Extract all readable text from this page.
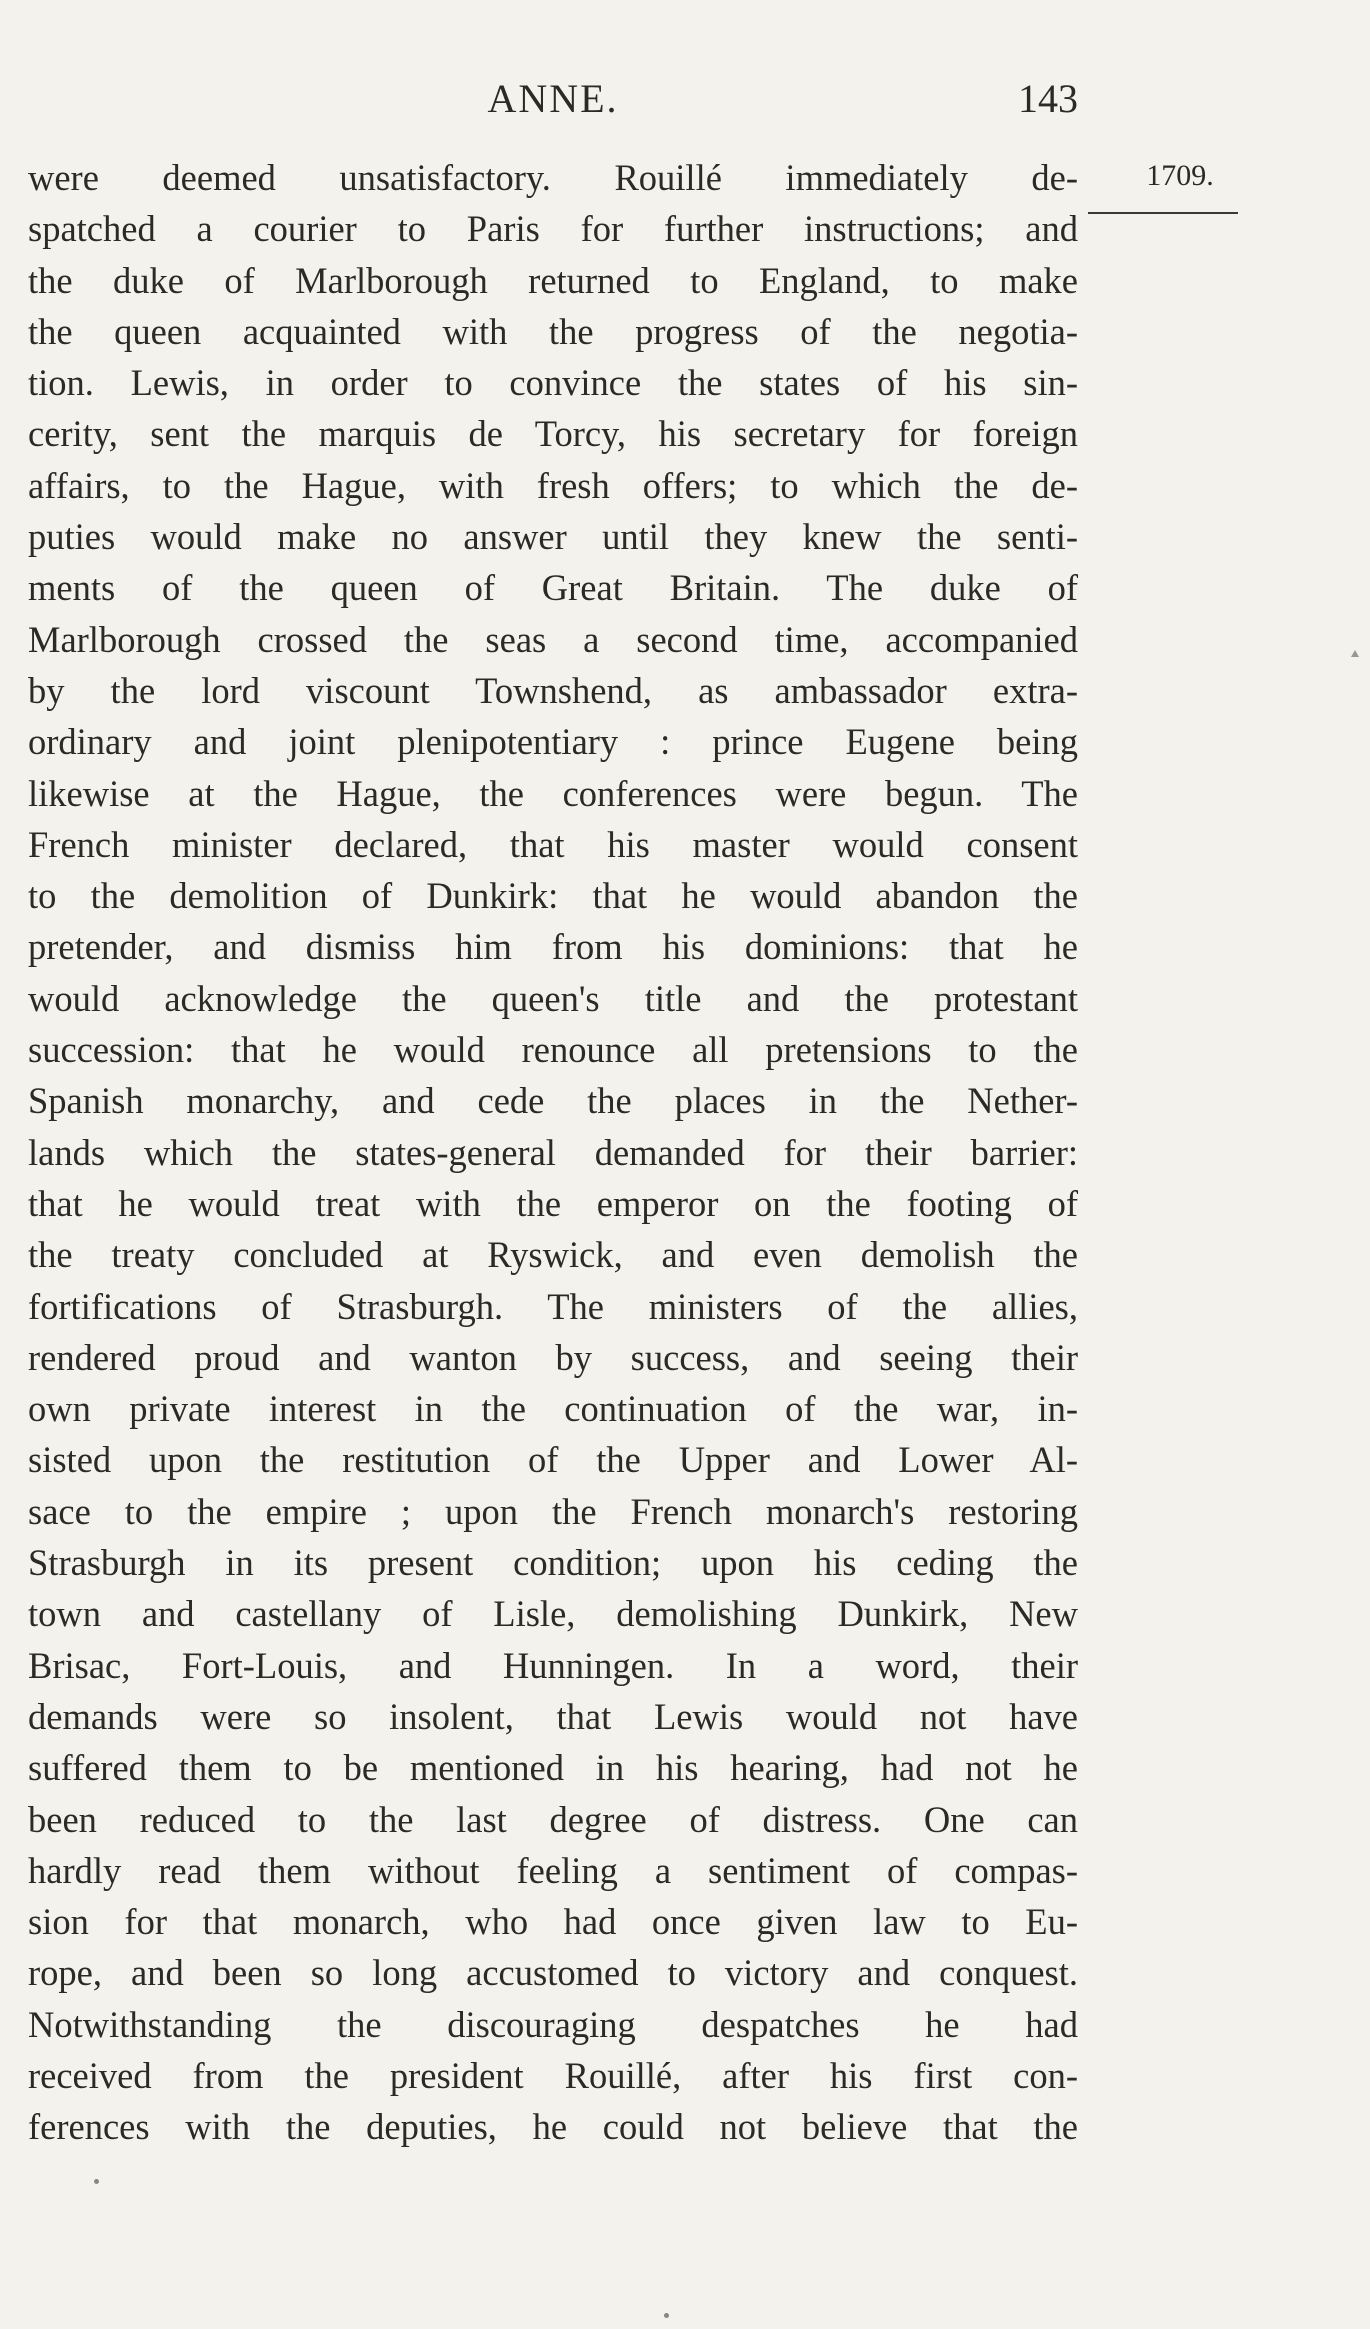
ANNE.	143
1709.
were deemed unsatisfactory. Rouillé immediately de-
spatched a courier to Paris for further instructions; and
the duke of Marlborough returned to England, to make
the queen acquainted with the progress of the negotia-
tion. Lewis, in order to convince the states of his sin-
cerity, sent the marquis de Torcy, his secretary for foreign
affairs, to the Hague, with fresh offers; to which the de-
puties would make no answer until they knew the senti-
ments of the queen of Great Britain. The duke of
Marlborough crossed the seas a second time, accompanied
by the lord viscount Townshend, as ambassador extra-
ordinary and joint plenipotentiary : prince Eugene being
likewise at the Hague, the conferences were begun. The
French minister declared, that his master would consent
to the demolition of Dunkirk: that he would abandon the
pretender, and dismiss him from his dominions: that he
would acknowledge the queen's title and the protestant
succession: that he would renounce all pretensions to the
Spanish monarchy, and cede the places in the Nether-
lands which the states-general demanded for their barrier:
that he would treat with the emperor on the footing of
the treaty concluded at Ryswick, and even demolish the
fortifications of Strasburgh. The ministers of the allies,
rendered proud and wanton by success, and seeing their
own private interest in the continuation of the war, in-
sisted upon the restitution of the Upper and Lower Al-
sace to the empire ; upon the French monarch's restoring
Strasburgh in its present condition; upon his ceding the
town and castellany of Lisle, demolishing Dunkirk, New
Brisac, Fort-Louis, and Hunningen. In a word, their
demands were so insolent, that Lewis would not have
suffered them to be mentioned in his hearing, had not he
been reduced to the last degree of distress. One can
hardly read them without feeling a sentiment of compas-
sion for that monarch, who had once given law to Eu-
rope, and been so long accustomed to victory and conquest.
Notwithstanding the discouraging despatches he had
received from the president Rouillé, after his first con-
ferences with the deputies, he could not believe that the
